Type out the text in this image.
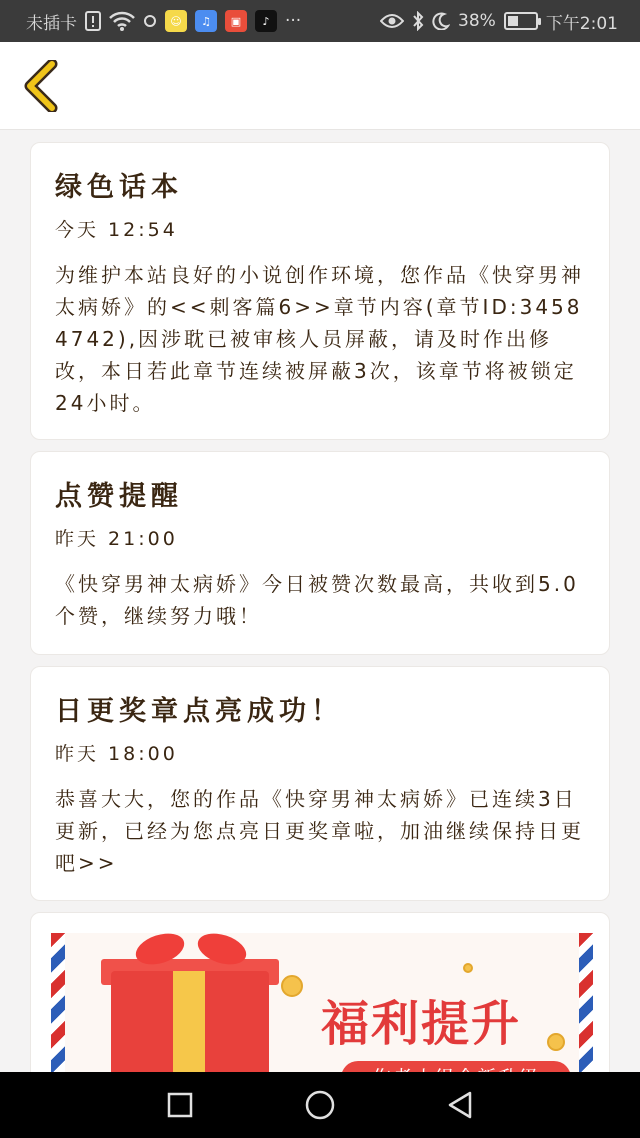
未插卡	☺	♫	▣	♪ ···	38%	下午2:01
绿色话本
今天 12:54
为维护本站良好的小说创作环境，您作品《快穿男神太病娇》的<<刺客篇6>>章节内容(章节ID:34584742),因涉耽已被审核人员屏蔽，请及时作出修改，本日若此章节连续被屏蔽3次，该章节将被锁定24小时。
点赞提醒
昨天 21:00
《快穿男神太病娇》今日被赞次数最高，共收到5.0个赞，继续努力哦！
日更奖章点亮成功！
昨天 18:00
恭喜大大，您的作品《快穿男神太病娇》已连续3日更新，已经为您点亮日更奖章啦，加油继续保持日更吧>>
福利提升
